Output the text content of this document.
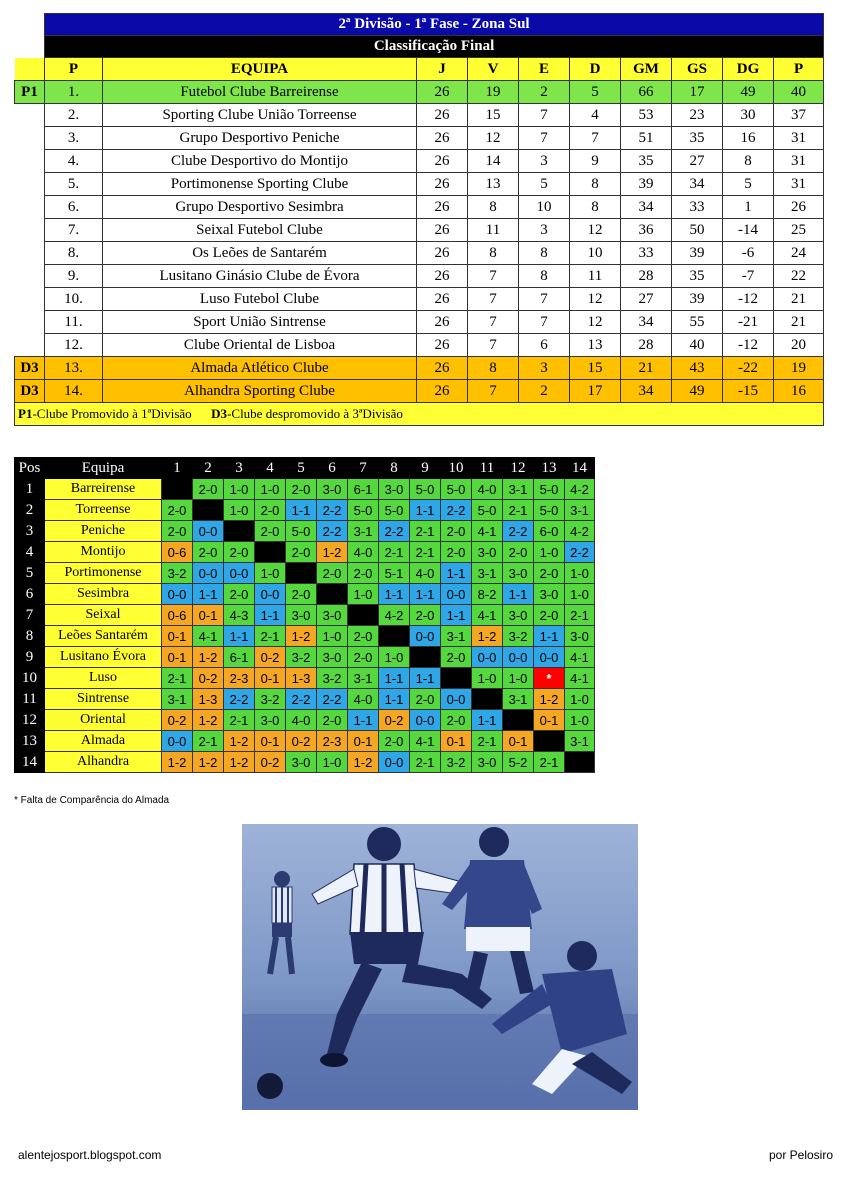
	2ª Divisão - 1ª Fase - Zona Sul									
	Classificação Final									
	P	EQUIPA	J	V	E	D	GM	GS	DG	P
P1	1.	Futebol Clube Barreirense	26	19	2	5	66	17	49	40
	2.	Sporting Clube União Torreense	26	15	7	4	53	23	30	37
	3.	Grupo Desportivo Peniche	26	12	7	7	51	35	16	31
	4.	Clube Desportivo do Montijo	26	14	3	9	35	27	8	31
	5.	Portimonense Sporting Clube	26	13	5	8	39	34	5	31
	6.	Grupo Desportivo Sesimbra	26	8	10	8	34	33	1	26
	7.	Seixal Futebol Clube	26	11	3	12	36	50	-14	25
	8.	Os Leões de Santarém	26	8	8	10	33	39	-6	24
	9.	Lusitano Ginásio Clube de Évora	26	7	8	11	28	35	-7	22
	10.	Luso Futebol Clube	26	7	7	12	27	39	-12	21
	11.	Sport União Sintrense	26	7	7	12	34	55	-21	21
	12.	Clube Oriental de Lisboa	26	7	6	13	28	40	-12	20
D3	13.	Almada Atlético Clube	26	8	3	15	21	43	-22	19
D3	14.	Alhandra Sporting Clube	26	7	2	17	34	49	-15	16
P1-Clube Promovido à 1ªDivisão D3-Clube despromovido à 3ªDivisão										
Pos	Equipa	1	2	3	4	5	6	7	8	9	10	11	12	13	14
1	Barreirense		2-0	1-0	1-0	2-0	3-0	6-1	3-0	5-0	5-0	4-0	3-1	5-0	4-2
2	Torreense	2-0		1-0	2-0	1-1	2-2	5-0	5-0	1-1	2-2	5-0	2-1	5-0	3-1
3	Peniche	2-0	0-0		2-0	5-0	2-2	3-1	2-2	2-1	2-0	4-1	2-2	6-0	4-2
4	Montijo	0-6	2-0	2-0		2-0	1-2	4-0	2-1	2-1	2-0	3-0	2-0	1-0	2-2
5	Portimonense	3-2	0-0	0-0	1-0		2-0	2-0	5-1	4-0	1-1	3-1	3-0	2-0	1-0
6	Sesimbra	0-0	1-1	2-0	0-0	2-0		1-0	1-1	1-1	0-0	8-2	1-1	3-0	1-0
7	Seixal	0-6	0-1	4-3	1-1	3-0	3-0		4-2	2-0	1-1	4-1	3-0	2-0	2-1
8	Leões Santarém	0-1	4-1	1-1	2-1	1-2	1-0	2-0		0-0	3-1	1-2	3-2	1-1	3-0
9	Lusitano Évora	0-1	1-2	6-1	0-2	3-2	3-0	2-0	1-0		2-0	0-0	0-0	0-0	4-1
10	Luso	2-1	0-2	2-3	0-1	1-3	3-2	3-1	1-1	1-1		1-0	1-0	*	4-1
11	Sintrense	3-1	1-3	2-2	3-2	2-2	2-2	4-0	1-1	2-0	0-0		3-1	1-2	1-0
12	Oriental	0-2	1-2	2-1	3-0	4-0	2-0	1-1	0-2	0-0	2-0	1-1		0-1	1-0
13	Almada	0-0	2-1	1-2	0-1	0-2	2-3	0-1	2-0	4-1	0-1	2-1	0-1		3-1
14	Alhandra	1-2	1-2	1-2	0-2	3-0	1-0	1-2	0-0	2-1	3-2	3-0	5-2	2-1	
* Falta de Comparência do Almada
alentejosport.blogspot.com	por Pelosiro
